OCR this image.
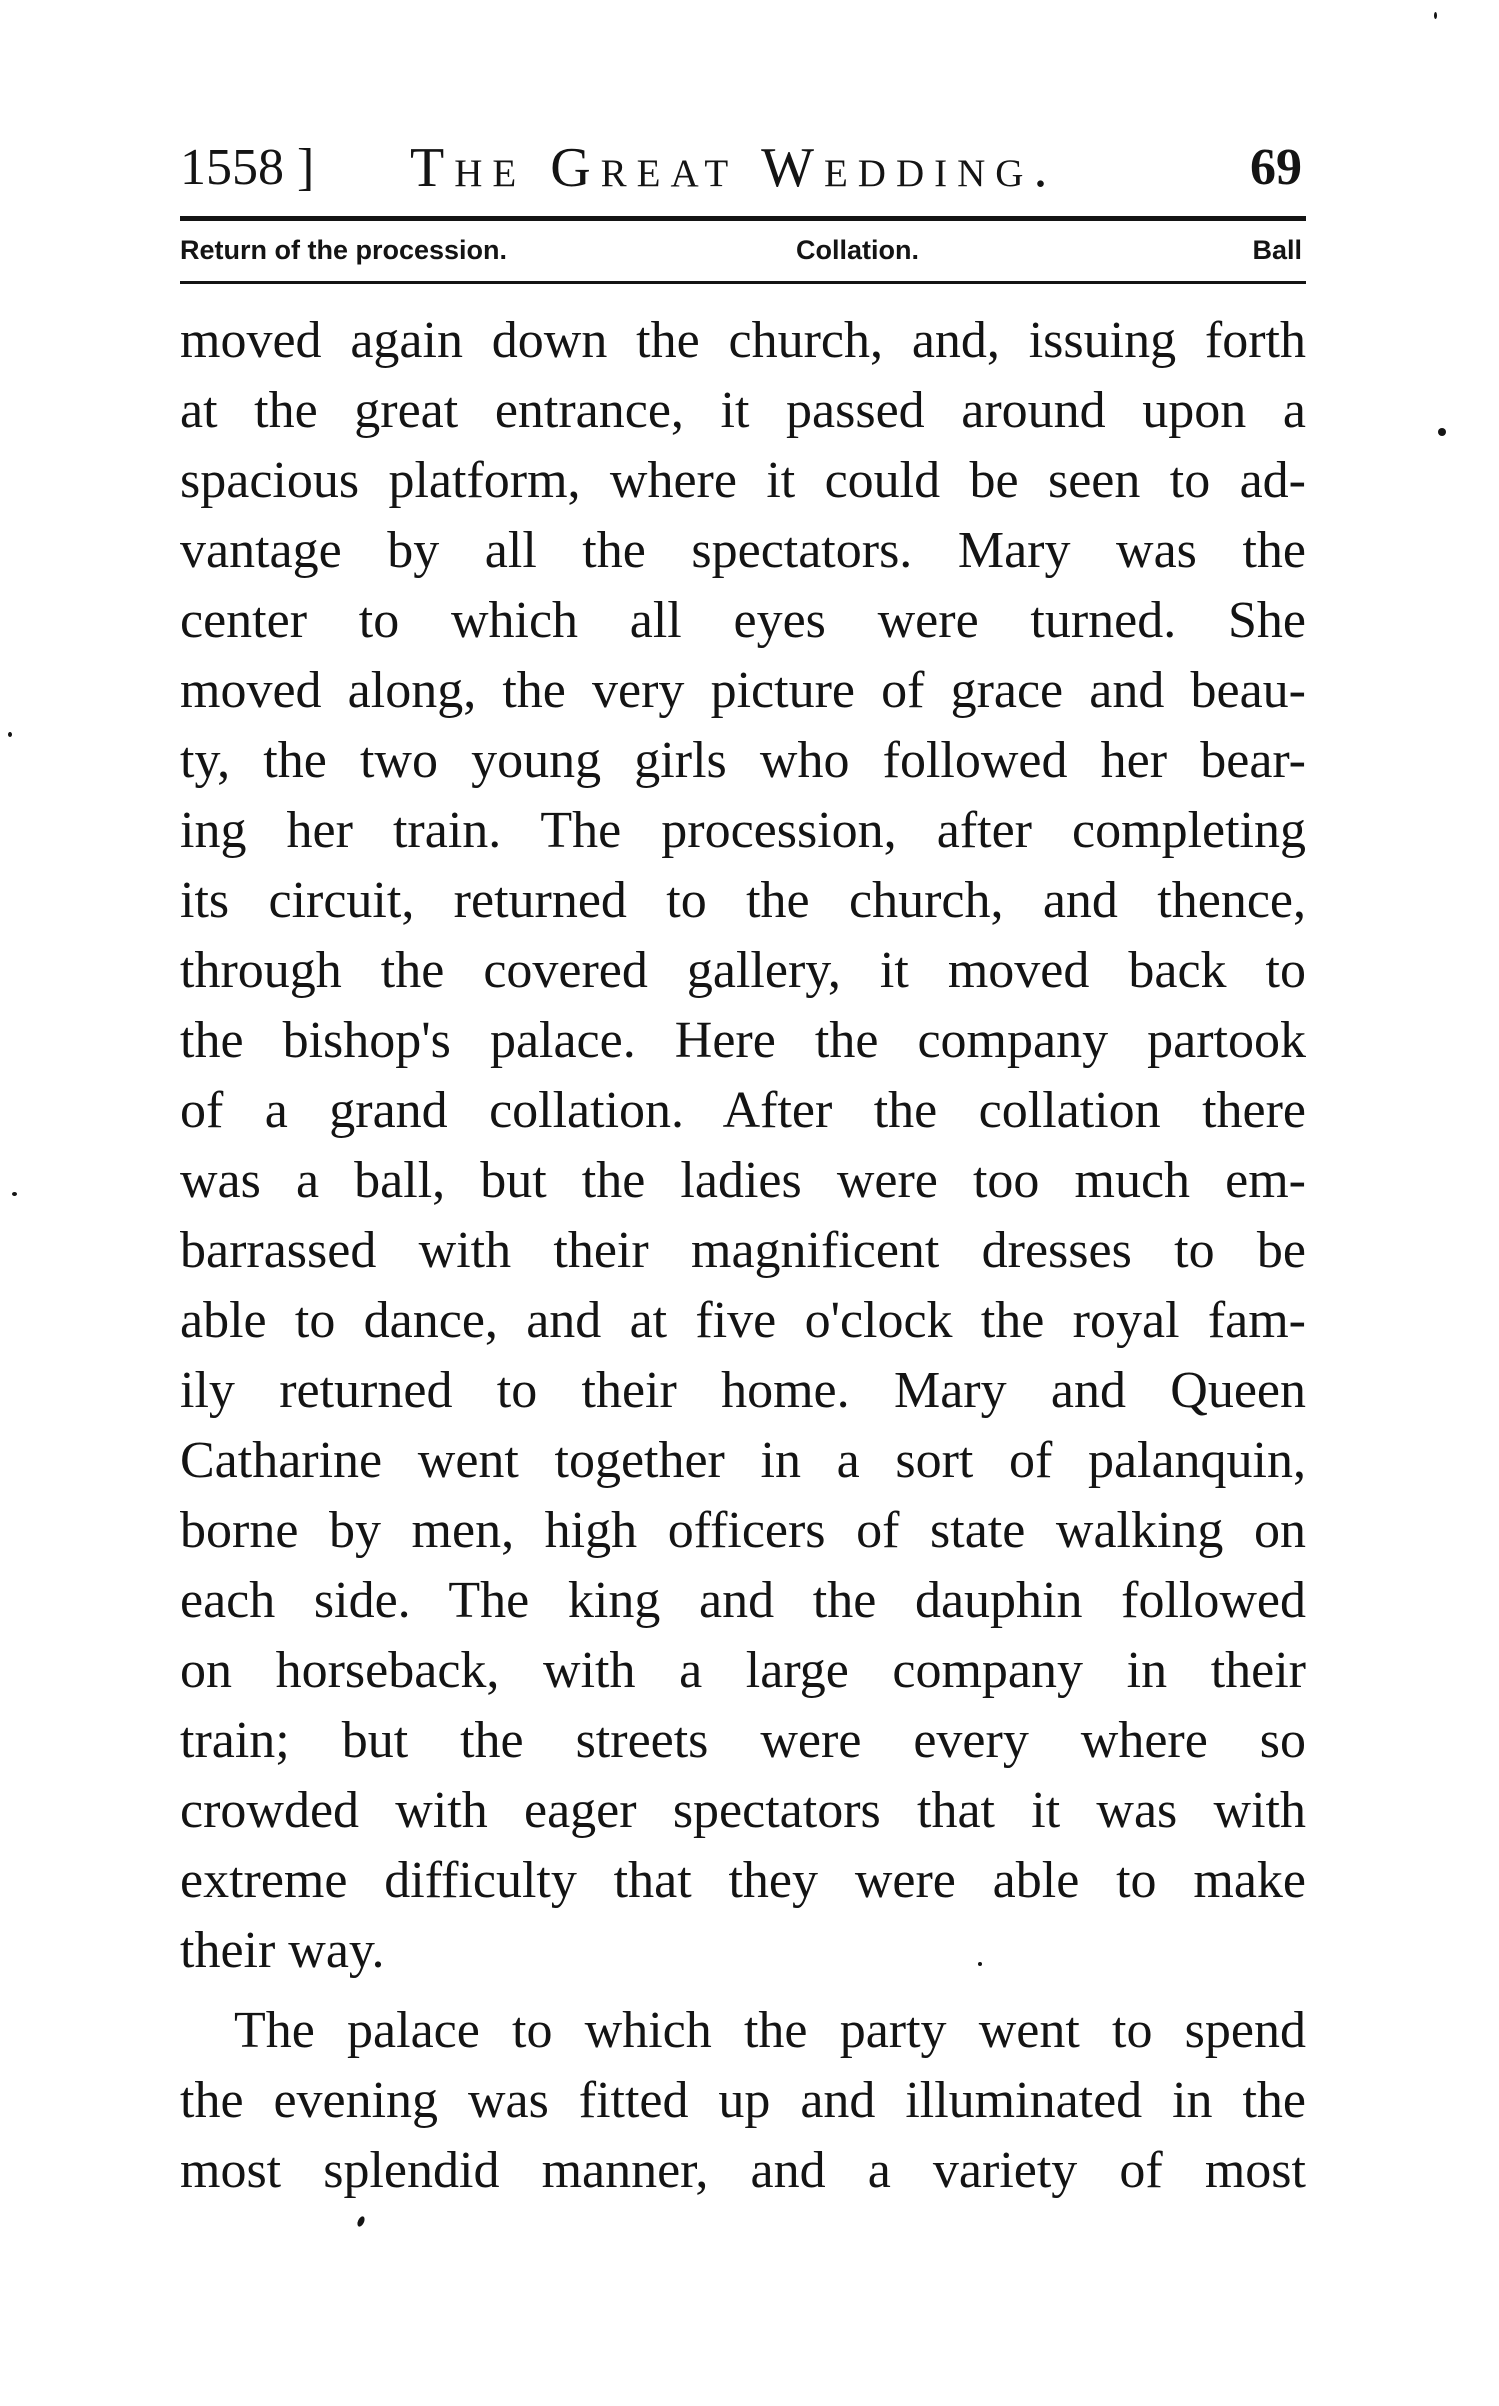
1558 ] The Great Wedding.	69
Return of the procession.	Collation.	Ball
moved again down the church, and, issuing forth
at the great entrance, it passed around upon a
spacious platform, where it could be seen to ad-
vantage by all the spectators. Mary was the
center to which all eyes were turned. She
moved along, the very picture of grace and beau-
ty, the two young girls who followed her bear-
ing her train. The procession, after completing
its circuit, returned to the church, and thence,
through the covered gallery, it moved back to
the bishop's palace. Here the company partook
of a grand collation. After the collation there
was a ball, but the ladies were too much em-
barrassed with their magnificent dresses to be
able to dance, and at five o'clock the royal fam-
ily returned to their home. Mary and Queen
Catharine went together in a sort of palanquin,
borne by men, high officers of state walking on
each side. The king and the dauphin followed
on horseback, with a large company in their
train; but the streets were every where so
crowded with eager spectators that it was with
extreme difficulty that they were able to make
their way.
The palace to which the party went to spend
the evening was fitted up and illuminated in the
most splendid manner, and a variety of most
